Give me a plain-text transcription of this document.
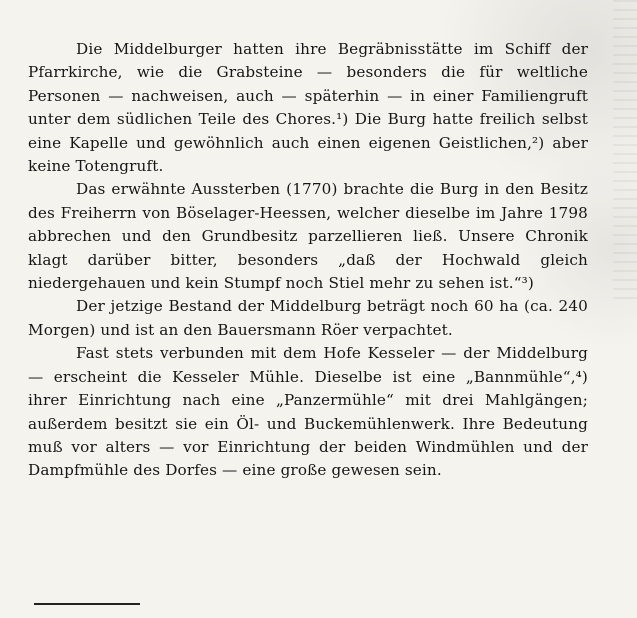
Die Middelburger hatten ihre Begräbnisstätte im Schiff der Pfarrkirche, wie die Grabsteine — besonders die für weltliche Personen — nachweisen, auch — späterhin — in einer Familiengruft unter dem südlichen Teile des Chores.¹) Die Burg hatte freilich selbst eine Kapelle und gewöhnlich auch einen eigenen Geistlichen,²) aber keine Totengruft.

Das erwähnte Aussterben (1770) brachte die Burg in den Besitz des Freiherrn von Böselager-Heessen, welcher dieselbe im Jahre 1798 abbrechen und den Grundbesitz parzellieren ließ. Unsere Chronik klagt darüber bitter, besonders „daß der Hochwald gleich niedergehauen und kein Stumpf noch Stiel mehr zu sehen ist.“³)

Der jetzige Bestand der Middelburg beträgt noch 60 ha (ca. 240 Morgen) und ist an den Bauersmann Röer verpachtet.

Fast stets verbunden mit dem Hofe Kesseler — der Middelburg — erscheint die Kesseler Mühle. Dieselbe ist eine „Bannmühle“,⁴) ihrer Einrichtung nach eine „Panzermühle“ mit drei Mahlgängen; außerdem besitzt sie ein Öl- und Buckemühlenwerk. Ihre Bedeutung muß vor alters — vor Einrichtung der beiden Windmühlen und der Dampfmühle des Dorfes — eine große gewesen sein.
